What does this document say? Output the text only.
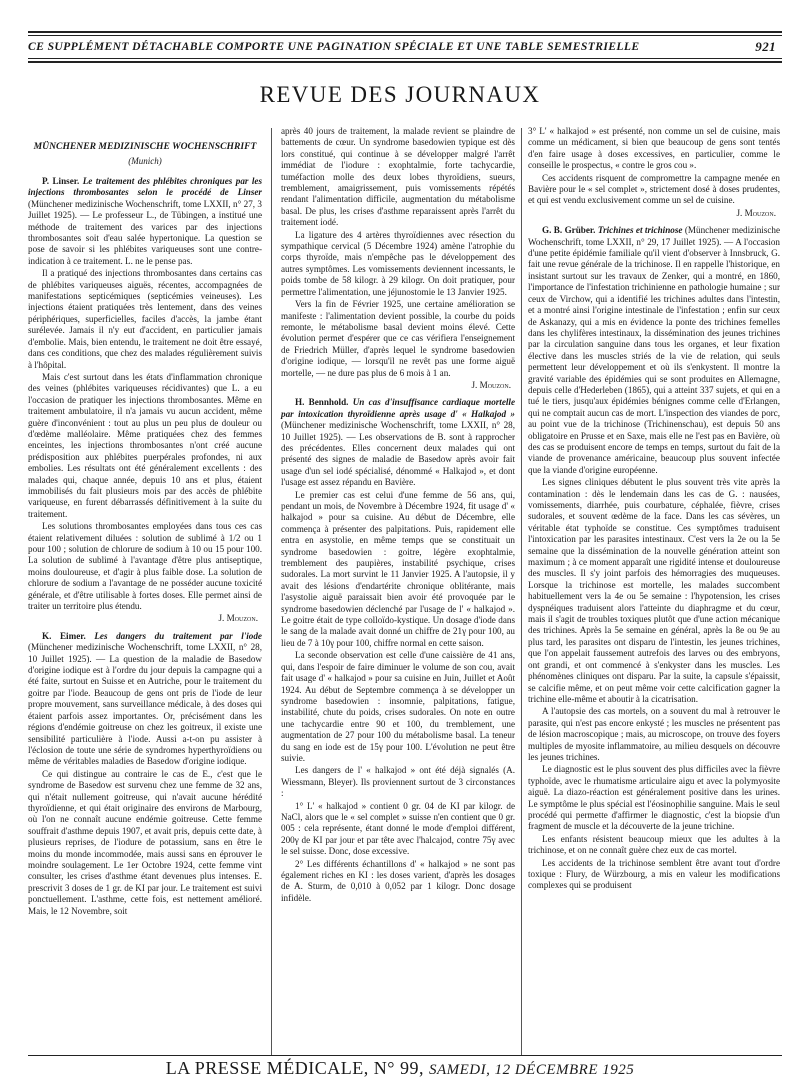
CE SUPPLÉMENT DÉTACHABLE COMPORTE UNE PAGINATION SPÉCIALE ET UNE TABLE SEMESTRIELLE	921
REVUE DES JOURNAUX
MÜNCHENER MEDIZINISCHE WOCHENSCHRIFT
(Munich)

P. Linser. Le traitement des phlébites chroniques par les injections thrombosantes selon le procédé de Linser (Münchener medizinische Wochenschrift, tome LXXII, n° 27, 3 Juillet 1925). — Le professeur L., de Tübingen, a institué une méthode de traitement des varices par des injections thrombosantes soit d'eau salée hypertonique. La question se pose de savoir si les phlébites variqueuses sont une contre-indication à ce traitement. L. ne le pense pas.

Il a pratiqué des injections thrombosantes dans certains cas de phlébites variqueuses aiguës, récentes, accompagnées de manifestations septicémiques (septicémies veineuses). Les injections étaient pratiquées très lentement, dans des veines périphériques, superficielles, faciles d'accès, la jambe étant surélevée. Jamais il n'y eut d'accident, en particulier jamais d'embolie. Mais, bien entendu, le traitement ne doit être essayé, dans ces conditions, que chez des malades régulièrement suivis à l'hôpital.

Mais c'est surtout dans les états d'inflammation chronique des veines (phlébites variqueuses récidivantes) que L. a eu l'occasion de pratiquer les injections thrombosantes. Même en traitement ambulatoire, il n'a jamais vu aucun accident, même guère d'inconvénient : tout au plus un peu plus de douleur ou d'œdème malléolaire. Même pratiquées chez des femmes enceintes, les injections thrombosantes n'ont créé aucune prédisposition aux phlébites puerpérales profondes, ni aux embolies. Les résultats ont été généralement excellents : des malades qui, chaque année, depuis 10 ans et plus, étaient immobilisés du fait plusieurs mois par des accès de phlébite variqueuse, en furent débarrassés définitivement à la suite du traitement.

Les solutions thrombosantes employées dans tous ces cas étaient relativement diluées : solution de sublimé à 1/2 ou 1 pour 100 ; solution de chlorure de sodium à 10 ou 15 pour 100. La solution de sublimé à l'avantage d'être plus antiseptique, moins douloureuse, et d'agir à plus faible dose. La solution de chlorure de sodium a l'avantage de ne posséder aucune toxicité générale, et d'être utilisable à fortes doses. Elle permet ainsi de traiter un territoire plus étendu.

J. Mouzon.

K. Eimer. Les dangers du traitement par l'iode (Münchener medizinische Wochenschrift, tome LXXII, n° 28, 10 Juillet 1925). — La question de la maladie de Basedow d'origine iodique est à l'ordre du jour depuis la campagne qui a été faite, surtout en Suisse et en Autriche, pour le traitement du goitre par l'iode. Beaucoup de gens ont pris de l'iode de leur propre mouvement, sans surveillance médicale, à des doses qui étaient parfois assez importantes. Or, précisément dans les régions d'endémie goitreuse on chez les goitreux, il existe une sensibilité particulière à l'iode. Aussi a-t-on pu assister à l'éclosion de toute une série de syndromes hyperthyroïdiens ou même de véritables maladies de Basedow d'origine iodique.

Ce qui distingue au contraire le cas de E., c'est que le syndrome de Basedow est survenu chez une femme de 32 ans, qui n'était nullement goitreuse, qui n'avait aucune hérédité thyroïdienne, et qui était originaire des environs de Marbourg, où l'on ne connaît aucune endémie goitreuse. Cette femme souffrait d'asthme depuis 1907, et avait pris, depuis cette date, à plusieurs reprises, de l'iodure de potassium, sans en être le moins du monde incommodée, mais aussi sans en éprouver le moindre soulagement. Le 1er Octobre 1924, cette femme vint consulter, les crises d'asthme étant devenues plus intenses. E. prescrivit 3 doses de 1 gr. de KI par jour. Le traitement est suivi ponctuellement. L'asthme, cette fois, est nettement amélioré. Mais, le 12 Novembre, soit

après 40 jours de traitement, la malade revient se plaindre de battements de cœur. Un syndrome basedowien typique est dès lors constitué, qui continue à se développer malgré l'arrêt immédiat de l'iodure : exophtalmie, forte tachycardie, tuméfaction molle des deux lobes thyroïdiens, sueurs, tremblement, amaigrissement, puis vomissements répétés rendant l'alimentation difficile, augmentation du métabolisme basal. De plus, les crises d'asthme reparaissent après l'arrêt du traitement iodé.

La ligature des 4 artères thyroïdiennes avec résection du sympathique cervical (5 Décembre 1924) amène l'atrophie du corps thyroïde, mais n'empêche pas le développement des autres symptômes. Les vomissements deviennent incessants, le poids tombe de 58 kilogr. à 29 kilogr. On doit pratiquer, pour permettre l'alimentation, une jéjunostomie le 13 Janvier 1925.

Vers la fin de Février 1925, une certaine amélioration se manifeste : l'alimentation devient possible, la courbe du poids remonte, le métabolisme basal devient moins élevé. Cette évolution permet d'espérer que ce cas vérifiera l'enseignement de Friedrich Müller, d'après lequel le syndrome basedowien d'origine iodique, — lorsqu'il ne revêt pas une forme aiguë mortelle, — ne dure pas plus de 6 mois à 1 an.

J. Mouzon.

H. Bennhold. Un cas d'insuffisance cardiaque mortelle par intoxication thyroïdienne après usage d' « Halkajod » (Münchener medizinische Wochenschrift, tome LXXII, n° 28, 10 Juillet 1925). — Les observations de B. sont à rapprocher des précédentes. Elles concernent deux malades qui ont présenté des signes de maladie de Basedow après avoir fait usage d'un sel iodé spécialisé, dénommé « Halkajod », et dont l'usage est assez répandu en Bavière.

Le premier cas est celui d'une femme de 56 ans, qui, pendant un mois, de Novembre à Décembre 1924, fit usage d' « halkajod » pour sa cuisine. Au début de Décembre, elle commença à présenter des palpitations. Puis, rapidement elle entra en asystolie, en même temps que se constituait un syndrome basedowien : goitre, légère exophtalmie, tremblement des paupières, instabilité psychique, crises sudorales. La mort survint le 11 Janvier 1925. A l'autopsie, il y avait des lésions d'endartérite chronique oblitérante, mais l'asystolie aiguë paraissait bien avoir été provoquée par le syndrome basedowien déclenché par l'usage de l' « halkajod ». Le goitre était de type colloïdo-kystique. Un dosage d'iode dans le sang de la malade avait donné un chiffre de 21γ pour 100, au lieu de 7 à 10γ pour 100, chiffre normal en cette saison.

La seconde observation est celle d'une caissière de 41 ans, qui, dans l'espoir de faire diminuer le volume de son cou, avait fait usage d' « halkajod » pour sa cuisine en Juin, Juillet et Août 1924. Au début de Septembre commença à se développer un syndrome basedowien : insomnie, palpitations, fatigue, instabilité, chute du poids, crises sudorales. On note en outre une tachycardie entre 90 et 100, du tremblement, une augmentation de 27 pour 100 du métabolisme basal. La teneur du sang en iode est de 15γ pour 100. L'évolution ne peut être suivie.

Les dangers de l' « halkajod » ont été déjà signalés (A. Wiessmann, Bleyer). Ils proviennent surtout de 3 circonstances :

1° L' « halkajod » contient 0 gr. 04 de KI par kilogr. de NaCl, alors que le « sel complet » suisse n'en contient que 0 gr. 005 : cela représente, étant donné le mode d'emploi différent, 200γ de KI par jour et par tête avec l'halcajod, contre 75γ avec le sel suisse. Donc, dose excessive.

2° Les différents échantillons d' « halkajod » ne sont pas également riches en KI : les doses varient, d'après les dosages de A. Sturm, de 0,010 à 0,052 par 1 kilogr. Donc dosage infidèle.

3° L' « halkajod » est présenté, non comme un sel de cuisine, mais comme un médicament, si bien que beaucoup de gens sont tentés d'en faire usage à doses excessives, en particulier, comme le conseille le prospectus, « contre le gros cou ».

Ces accidents risquent de compromettre la campagne menée en Bavière pour le « sel complet », strictement dosé à doses prudentes, et qui est vendu exclusivement comme un sel de cuisine.

J. Mouzon.

G. B. Grüber. Trichines et trichinose (Münchener medizinische Wochenschrift, tome LXXII, n° 29, 17 Juillet 1925). — A l'occasion d'une petite épidémie familiale qu'il vient d'observer à Innsbruck, G. fait une revue générale de la trichinose. Il en rappelle l'historique, en insistant surtout sur les travaux de Zenker, qui a montré, en 1860, l'importance de l'infestation trichinienne en pathologie humaine ; sur ceux de Virchow, qui a identifié les trichines adultes dans l'intestin, et a montré ainsi l'origine intestinale de l'infestation ; enfin sur ceux de Askanazy, qui a mis en évidence la ponte des trichines femelles dans les chylifères intestinaux, la dissémination des jeunes trichines par la circulation sanguine dans tous les organes, et leur fixation élective dans les muscles striés de la vie de relation, qui seuls permettent leur développement et où ils s'enkystent. Il montre la gravité variable des épidémies qui se sont produites en Allemagne, depuis celle d'Hederleben (1865), qui a atteint 337 sujets, et qui en a tué le tiers, jusqu'aux épidémies bénignes comme celle d'Erlangen, qui ne comptait aucun cas de mort. L'inspection des viandes de porc, au point vue de la trichinose (Trichinenschau), est depuis 50 ans obligatoire en Prusse et en Saxe, mais elle ne l'est pas en Bavière, où des cas se produisent encore de temps en temps, surtout du fait de la viande de provenance américaine, beaucoup plus souvent infectée que la viande d'origine européenne.

Les signes cliniques débutent le plus souvent très vite après la contamination : dès le lendemain dans les cas de G. : nausées, vomissements, diarrhée, puis courbature, céphalée, fièvre, crises sudorales, et souvent œdème de la face. Dans les cas sévères, un véritable état typhoïde se constitue. Ces symptômes traduisent l'intoxication par les parasites intestinaux. C'est vers la 2e ou la 5e semaine que la dissémination de la nouvelle génération atteint son maximum ; à ce moment apparaît une rigidité intense et douloureuse des muscles. Il s'y joint parfois des hémorragies des muqueuses. Lorsque la trichinose est mortelle, les malades succombent habituellement vers la 4e ou 5e semaine : l'hypotension, les crises dyspnéiques traduisent alors l'atteinte du diaphragme et du cœur, mais il s'agit de troubles toxiques plutôt que d'une action mécanique des trichines. Après la 5e semaine en général, après la 8e ou 9e au plus tard, les parasites ont disparu de l'intestin, les jeunes trichines, que l'on appelait faussement autrefois des larves ou des embryons, ont grandi, et ont commencé à s'enkyster dans les muscles. Les phénomènes cliniques ont disparu. Par la suite, la capsule s'épaissit, se calcifie même, et on peut même voir cette calcification gagner la trichine elle-même et aboutir à la cicatrisation.

A l'autopsie des cas mortels, on a souvent du mal à retrouver le parasite, qui n'est pas encore enkysté ; les muscles ne présentent pas de lésion macroscopique ; mais, au microscope, on trouve des foyers multiples de myosite inflammatoire, au milieu desquels on découvre les jeunes trichines.

Le diagnostic est le plus souvent des plus difficiles avec la fièvre typhoïde, avec le rhumatisme articulaire aigu et avec la polymyosite aiguë. La diazo-réaction est généralement positive dans les urines. Le symptôme le plus spécial est l'éosinophilie sanguine. Mais le seul procédé qui permette d'affirmer le diagnostic, c'est la biopsie d'un fragment de muscle et la découverte de la jeune trichine.

Les enfants résistent beaucoup mieux que les adultes à la trichinose, et on ne connaît guère chez eux de cas mortel.

Les accidents de la trichinose semblent être avant tout d'ordre toxique : Flury, de Würzbourg, a mis en valeur les modifications complexes qui se produisent

LA PRESSE MÉDICALE, N° 99, SAMEDI, 12 DÉCEMBRE 1925
